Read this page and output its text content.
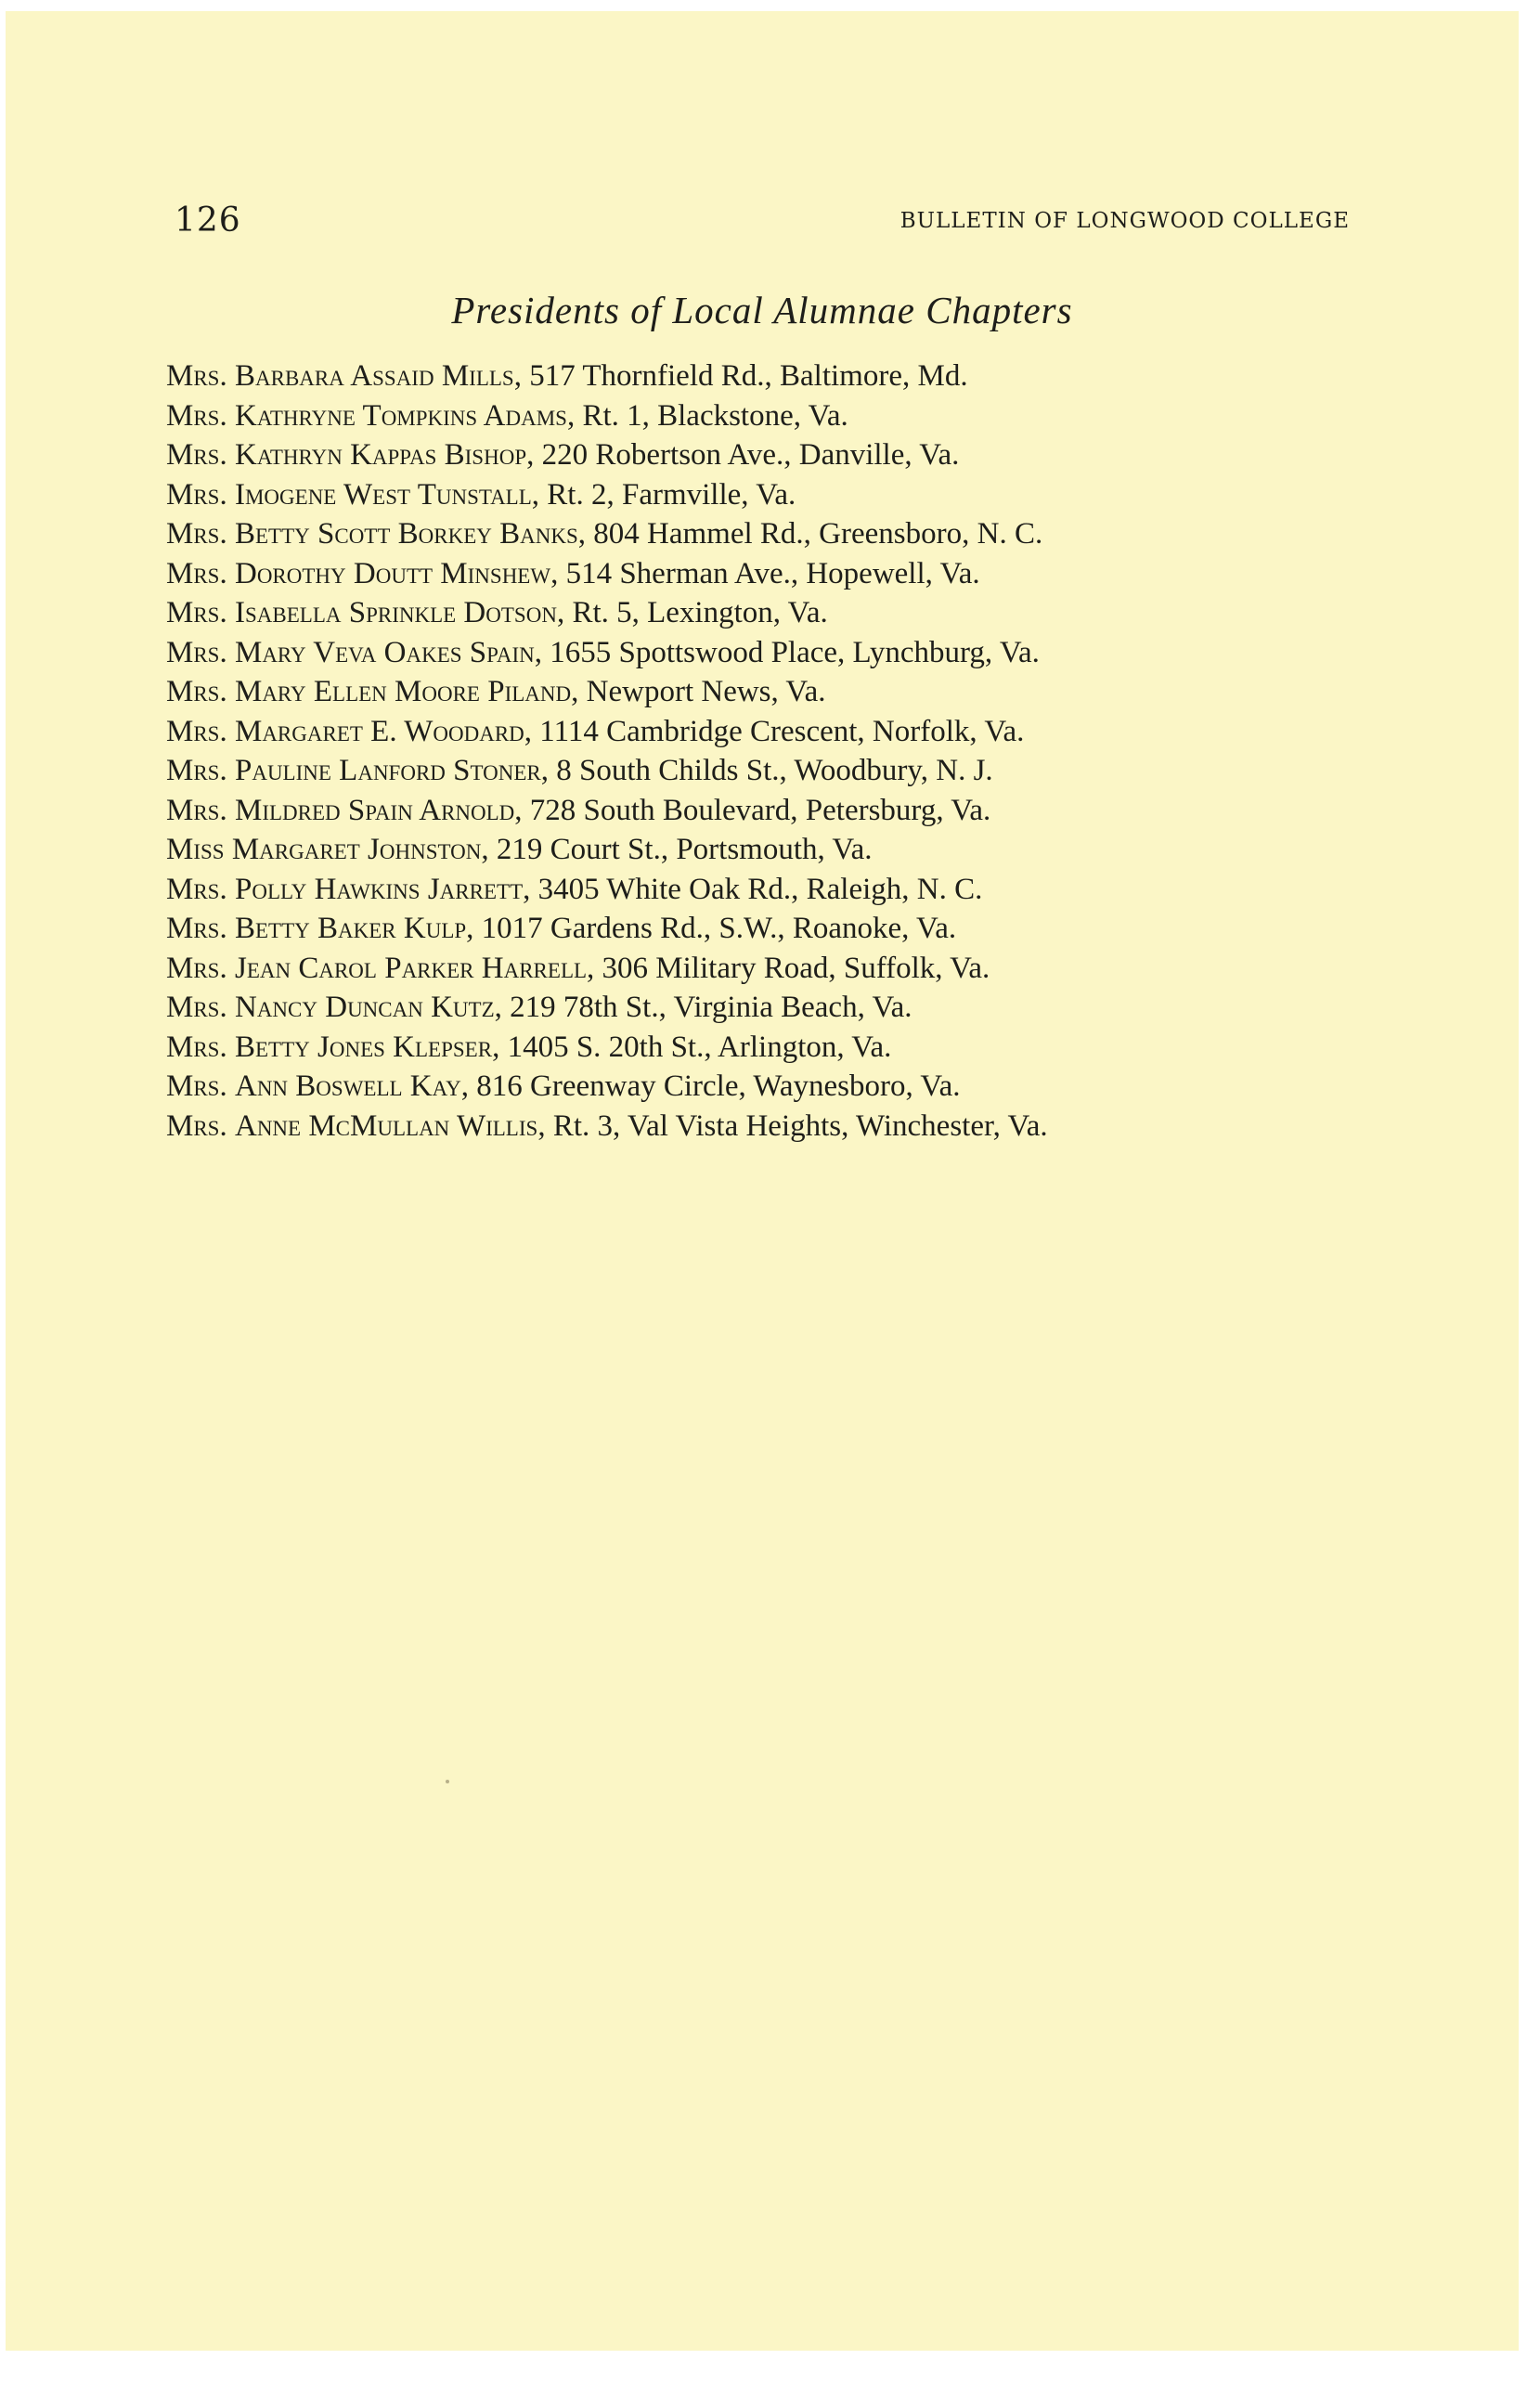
126	BULLETIN OF LONGWOOD COLLEGE
Presidents of Local Alumnae Chapters
Mrs. Barbara Assaid Mills, 517 Thornfield Rd., Baltimore, Md.
Mrs. Kathryne Tompkins Adams, Rt. 1, Blackstone, Va.
Mrs. Kathryn Kappas Bishop, 220 Robertson Ave., Danville, Va.
Mrs. Imogene West Tunstall, Rt. 2, Farmville, Va.
Mrs. Betty Scott Borkey Banks, 804 Hammel Rd., Greensboro, N. C.
Mrs. Dorothy Doutt Minshew, 514 Sherman Ave., Hopewell, Va.
Mrs. Isabella Sprinkle Dotson, Rt. 5, Lexington, Va.
Mrs. Mary Veva Oakes Spain, 1655 Spottswood Place, Lynchburg, Va.
Mrs. Mary Ellen Moore Piland, Newport News, Va.
Mrs. Margaret E. Woodard, 1114 Cambridge Crescent, Norfolk, Va.
Mrs. Pauline Lanford Stoner, 8 South Childs St., Woodbury, N. J.
Mrs. Mildred Spain Arnold, 728 South Boulevard, Petersburg, Va.
Miss Margaret Johnston, 219 Court St., Portsmouth, Va.
Mrs. Polly Hawkins Jarrett, 3405 White Oak Rd., Raleigh, N. C.
Mrs. Betty Baker Kulp, 1017 Gardens Rd., S.W., Roanoke, Va.
Mrs. Jean Carol Parker Harrell, 306 Military Road, Suffolk, Va.
Mrs. Nancy Duncan Kutz, 219 78th St., Virginia Beach, Va.
Mrs. Betty Jones Klepser, 1405 S. 20th St., Arlington, Va.
Mrs. Ann Boswell Kay, 816 Greenway Circle, Waynesboro, Va.
Mrs. Anne McMullan Willis, Rt. 3, Val Vista Heights, Winchester, Va.
